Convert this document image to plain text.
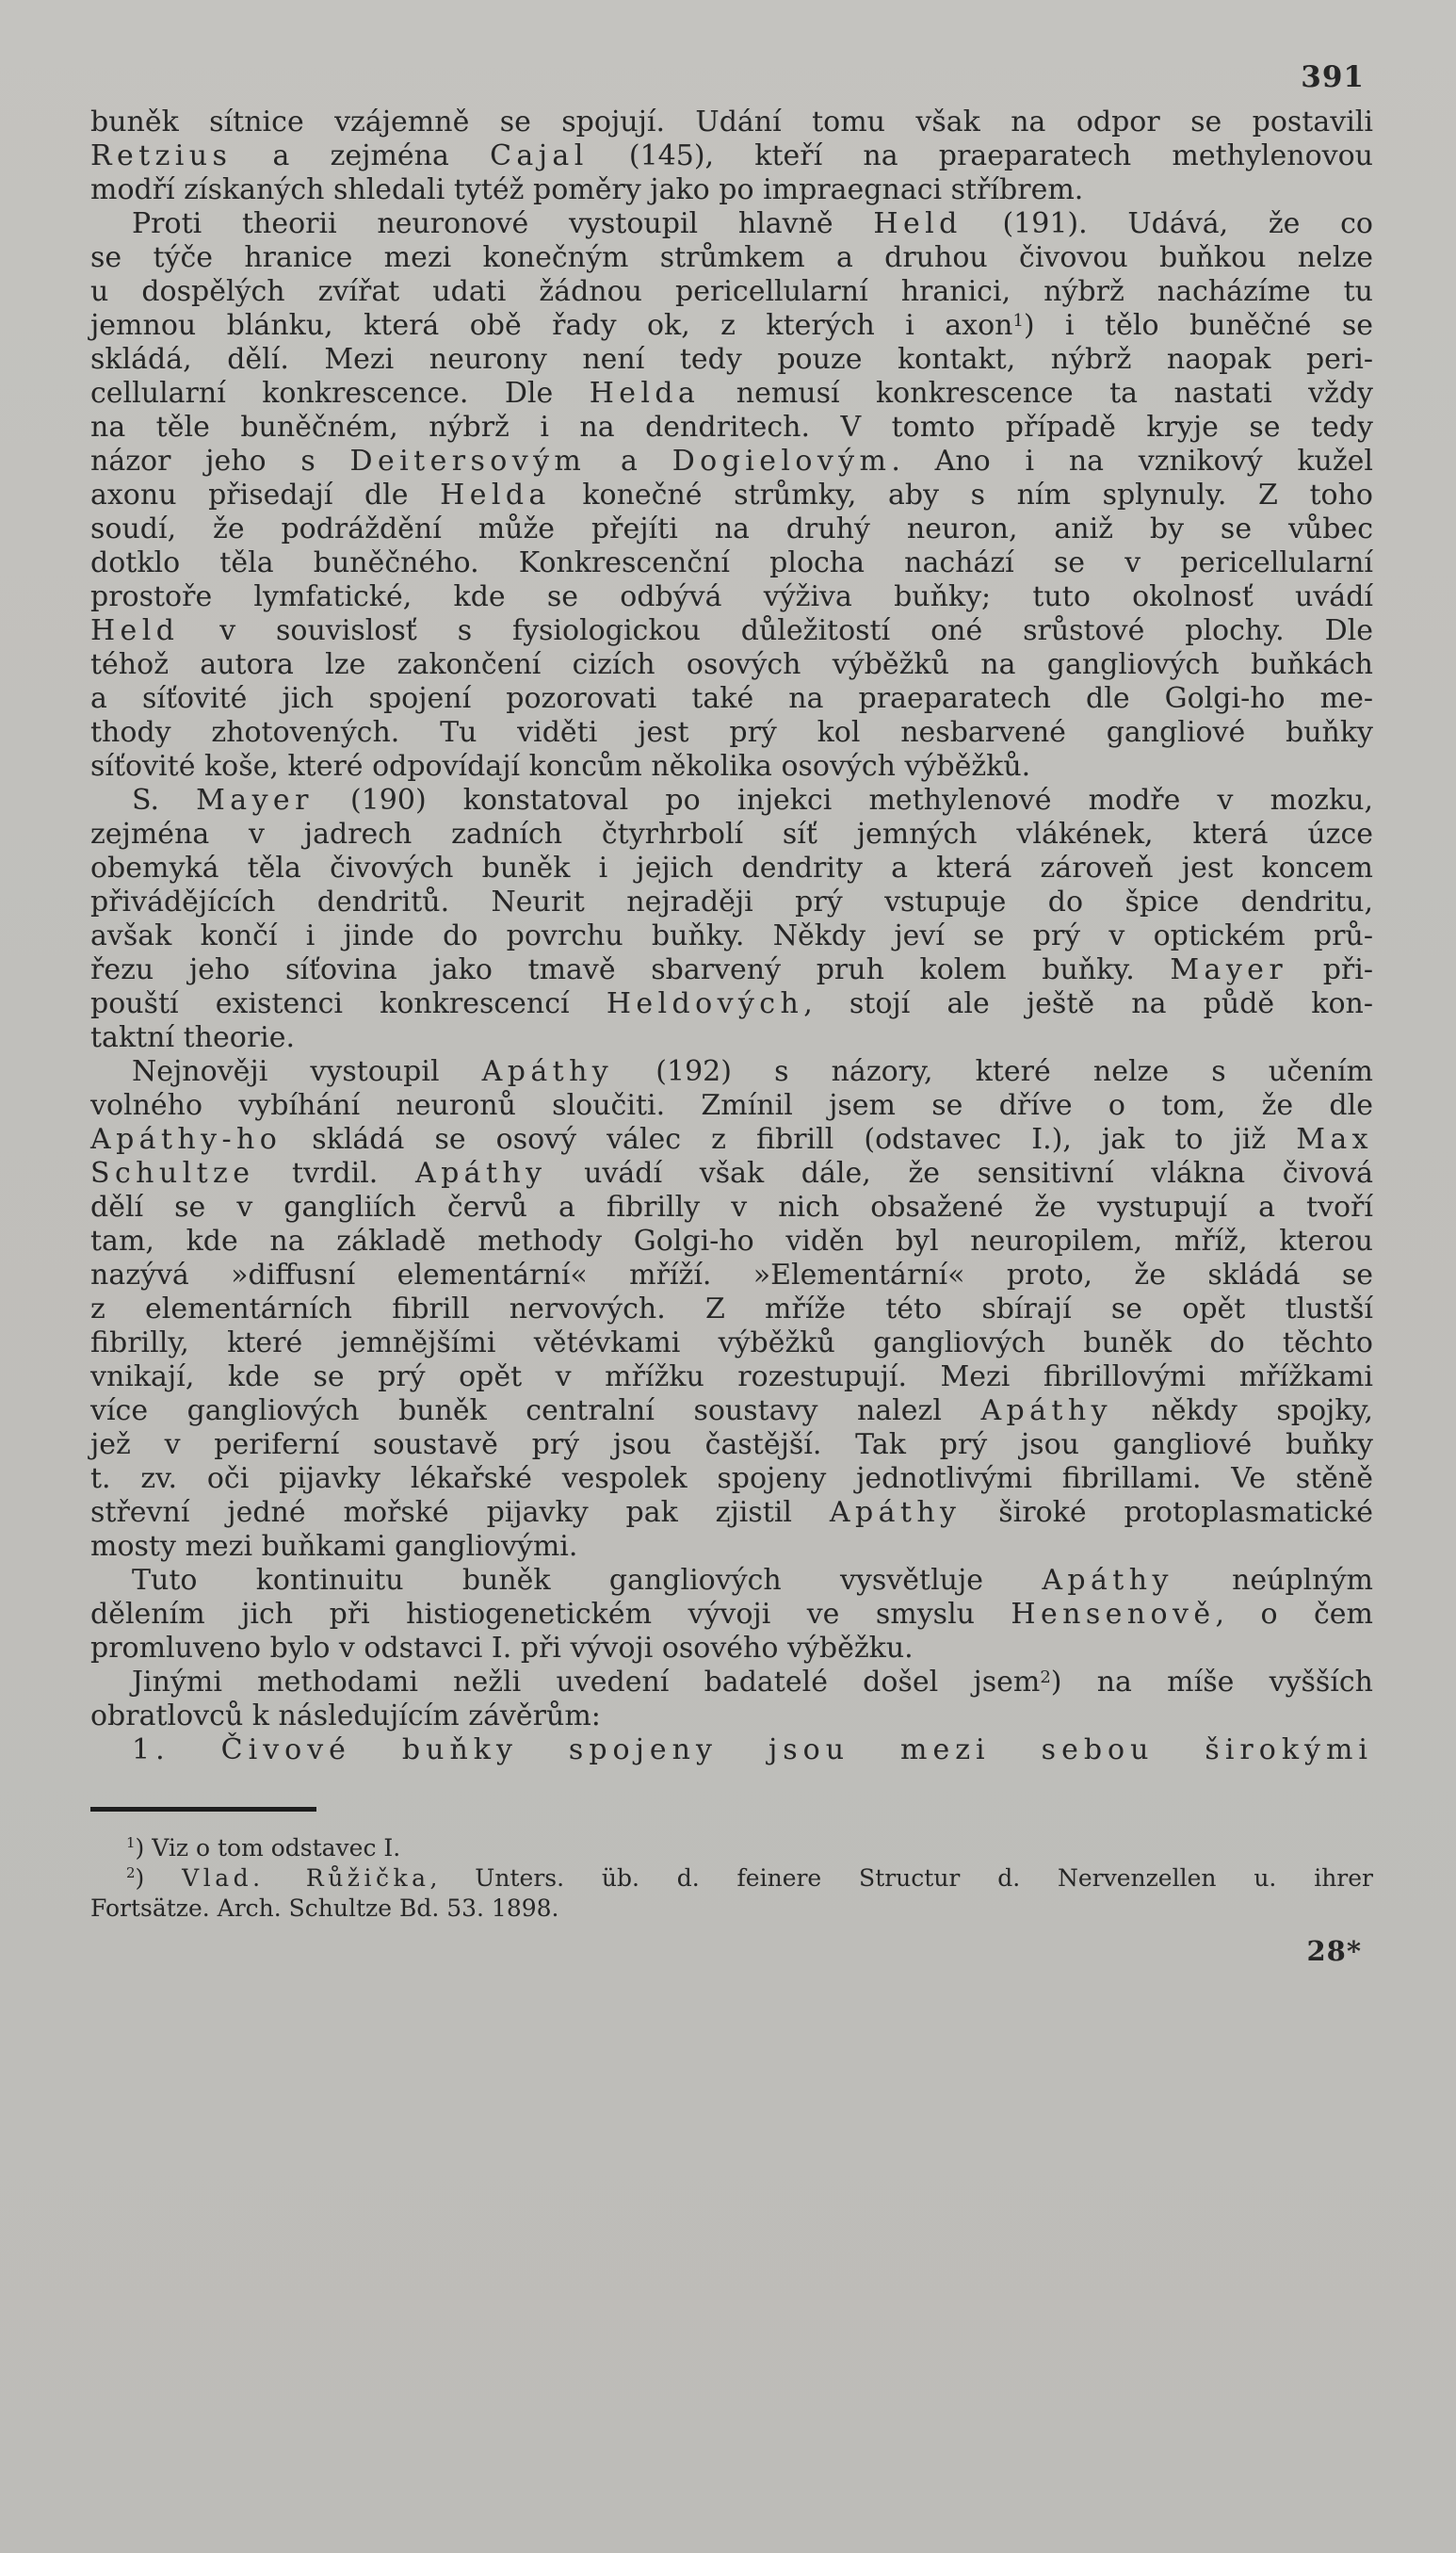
391
buněk sítnice vzájemně se spojují. Udání tomu však na odpor se postavili
Retzius a zejména Cajal (145), kteří na praeparatech methylenovou
modří získaných shledali tytéž poměry jako po impraegnaci stříbrem.
Proti theorii neuronové vystoupil hlavně Held (191). Udává, že co
se týče hranice mezi konečným strůmkem a druhou čivovou buňkou nelze
u dospělých zvířat udati žádnou pericellularní hranici, nýbrž nacházíme tu
jemnou blánku, která obě řady ok, z kterých i axon$^1$) i tělo buněčné se
skládá, dělí. Mezi neurony není tedy pouze kontakt, nýbrž naopak peri-
cellularní konkrescence. Dle Helda nemusí konkrescence ta nastati vždy
na těle buněčném, nýbrž i na dendritech. V tomto případě kryje se tedy
názor jeho s Deitersovým a Dogielovým. Ano i na vznikový kužel
axonu přisedají dle Helda konečné strůmky, aby s ním splynuly. Z toho
soudí, že podráždění může přejíti na druhý neuron, aniž by se vůbec
dotklo těla buněčného. Konkrescenční plocha nachází se v pericellularní
prostoře lymfatické, kde se odbývá výživa buňky; tuto okolnosť uvádí
Held v souvislosť s fysiologickou důležitostí oné srůstové plochy. Dle
téhož autora lze zakončení cizích osových výběžků na gangliových buňkách
a síťovité jich spojení pozorovati také na praeparatech dle Golgi-ho me-
thody zhotovených. Tu viděti jest prý kol nesbarvené gangliové buňky
síťovité koše, které odpovídají koncům několika osových výběžků.
S. Mayer (190) konstatoval po injekci methylenové modře v mozku,
zejména v jadrech zadních čtyrhrbolí síť jemných vlákének, která úzce
obemyká těla čivových buněk i jejich dendrity a která zároveň jest koncem
přivádějících dendritů. Neurit nejraději prý vstupuje do špice dendritu,
avšak končí i jinde do povrchu buňky. Někdy jeví se prý v optickém prů-
řezu jeho síťovina jako tmavě sbarvený pruh kolem buňky. Mayer při-
pouští existenci konkrescencí Heldových, stojí ale ještě na půdě kon-
taktní theorie.
Nejnověji vystoupil Apáthy (192) s názory, které nelze s učením
volného vybíhání neuronů sloučiti. Zmínil jsem se dříve o tom, že dle
Apáthy-ho skládá se osový válec z fibrill (odstavec I.), jak to již Max
Schultze tvrdil. Apáthy uvádí však dále, že sensitivní vlákna čivová
dělí se v gangliích červů a fibrilly v nich obsažené že vystupují a tvoří
tam, kde na základě methody Golgi-ho viděn byl neuropilem, mříž, kterou
nazývá »diffusní elementární« mříží. »Elementární« proto, že skládá se
z elementárních fibrill nervových. Z mříže této sbírají se opět tlustší
fibrilly, které jemnějšími větévkami výběžků gangliových buněk do těchto
vnikají, kde se prý opět v mřížku rozestupují. Mezi fibrillovými mřížkami
více gangliových buněk centralní soustavy nalezl Apáthy někdy spojky,
jež v periferní soustavě prý jsou častější. Tak prý jsou gangliové buňky
t. zv. oči pijavky lékařské vespolek spojeny jednotlivými fibrillami. Ve stěně
střevní jedné mořské pijavky pak zjistil Apáthy široké protoplasmatické
mosty mezi buňkami gangliovými.
Tuto kontinuitu buněk gangliových vysvětluje Apáthy neúplným
dělením jich při histiogenetickém vývoji ve smyslu Hensenově, o čem
promluveno bylo v odstavci I. při vývoji osového výběžku.
Jinými methodami nežli uvedení badatelé došel jsem$^2$) na míše vyšších
obratlovců k následujícím závěrům:
1. Čivové buňky spojeny jsou mezi sebou širokými
$^1$) Viz o tom odstavec I.
$^2$) Vlad. Růžička, Unters. üb. d. feinere Structur d. Nervenzellen u. ihrer
Fortsätze. Arch. Schultze Bd. 53. 1898.
28*
